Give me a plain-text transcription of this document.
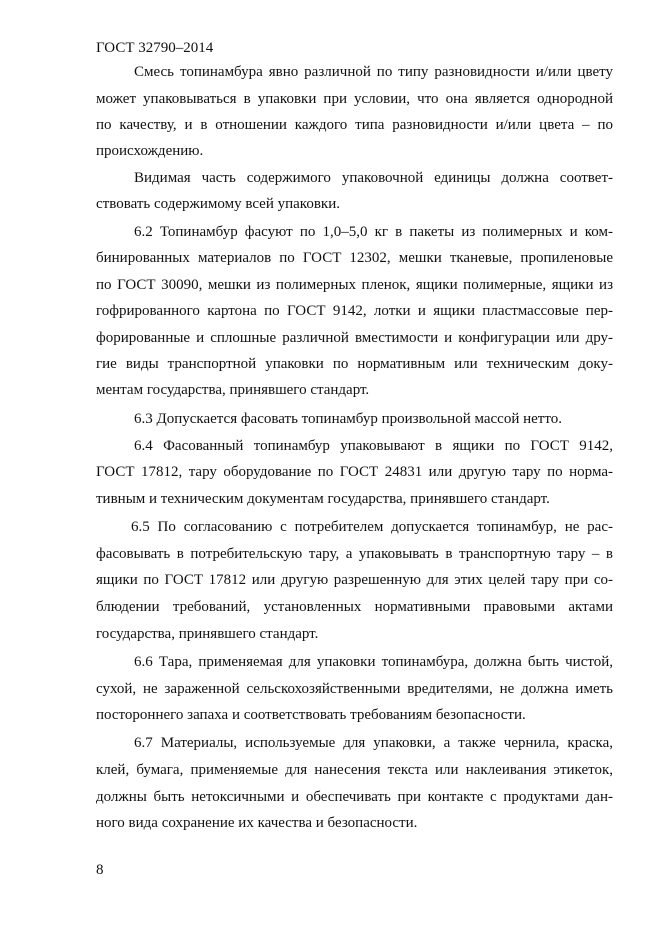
ГОСТ 32790–2014
Смесь топинамбура явно различной по типу разновидности и/или цвету
может упаковываться в упаковки при условии, что она является однородной
по качеству, и в отношении каждого типа разновидности и/или цвета – по
происхождению.
Видимая часть содержимого упаковочной единицы должна соответ-
ствовать содержимому всей упаковки.
6.2 Топинамбур фасуют по 1,0–5,0 кг в пакеты из полимерных и ком-
бинированных материалов по ГОСТ 12302, мешки тканевые, пропиленовые
по ГОСТ 30090, мешки из полимерных пленок, ящики полимерные, ящики из
гофрированного картона по ГОСТ 9142, лотки и ящики пластмассовые пер-
форированные и сплошные различной вместимости и конфигурации или дру-
гие виды транспортной упаковки по нормативным или техническим доку-
ментам государства, принявшего стандарт.
6.3 Допускается фасовать топинамбур произвольной массой нетто.
6.4 Фасованный топинамбур упаковывают в ящики по ГОСТ 9142,
ГОСТ 17812, тару оборудование по ГОСТ 24831 или другую тару по норма-
тивным и техническим документам государства, принявшего стандарт.
6.5 По согласованию с потребителем допускается топинамбур, не рас-
фасовывать в потребительскую тару, а упаковывать в транспортную тару – в
ящики по ГОСТ 17812 или другую разрешенную для этих целей тару при со-
блюдении требований, установленных нормативными правовыми актами
государства, принявшего стандарт.
6.6 Тара, применяемая для упаковки топинамбура, должна быть чистой,
сухой, не зараженной сельскохозяйственными вредителями, не должна иметь
постороннего запаха и соответствовать требованиям безопасности.
6.7 Материалы, используемые для упаковки, а также чернила, краска,
клей, бумага, применяемые для нанесения текста или наклеивания этикеток,
должны быть нетоксичными и обеспечивать при контакте с продуктами дан-
ного вида сохранение их качества и безопасности.
8
